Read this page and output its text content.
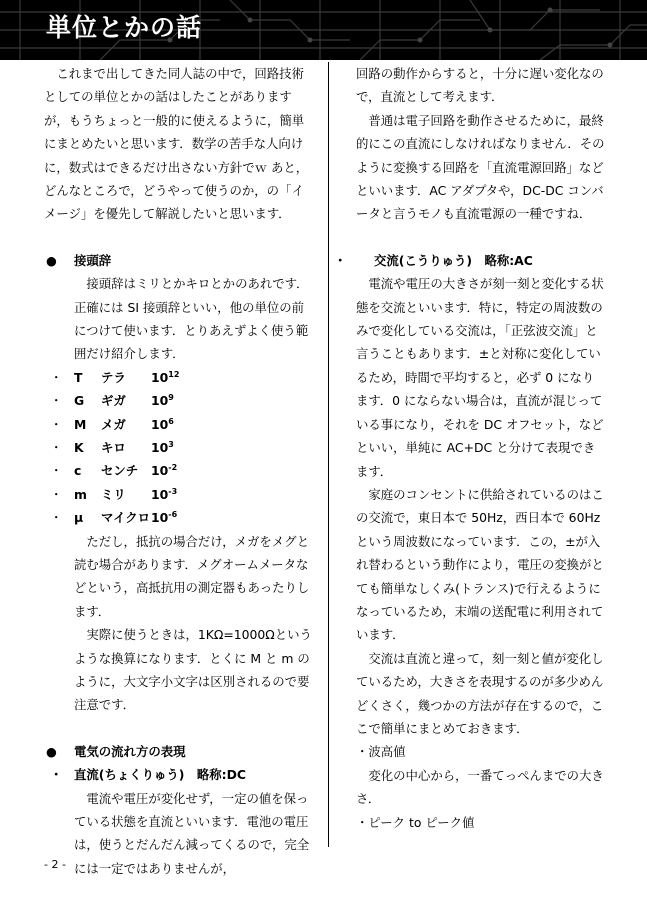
単位とかの話

これまで出してきた同人誌の中で，回路技術としての単位とかの話はしたことがありますが，もうちょっと一般的に使えるように，簡単にまとめたいと思います．数学の苦手な人向けに，数式はできるだけ出さない方針でｗ あと，どんなところで，どうやって使うのか，の「イメージ」を優先して解説したいと思います．

● 接頭辞

接頭辞はミリとかキロとかのあれです．正確には SI 接頭辞といい，他の単位の前につけて使います．とりあえずよく使う範囲だけ紹介します．

・ T テラ $10^{12}$
・ G ギガ $10^9$
・ M メガ $10^6$
・ K キロ $10^3$
・ c センチ $10^{-2}$
・ m ミリ $10^{-3}$
・ μ マイクロ $10^{-6}$

ただし，抵抗の場合だけ，メガをメグと読む場合があります．メグオームメータなどという，高抵抗用の測定器もあったりします．

実際に使うときは，1KΩ=1000Ωというような換算になります．とくに M と m のように，大文字小文字は区別されるので要注意です．

● 電気の流れ方の表現

・ 直流(ちょくりゅう)　略称:DC

電流や電圧が変化せず，一定の値を保っている状態を直流といいます．電池の電圧は，使うとだんだん減ってくるので，完全には一定ではありませんが，

回路の動作からすると，十分に遅い変化なので，直流として考えます．

普通は電子回路を動作させるために，最終的にこの直流にしなければなりません．そのように変換する回路を「直流電源回路」などといいます．AC アダプタや，DC-DC コンバータと言うモノも直流電源の一種ですね．

・ 交流(こうりゅう)　略称:AC

電流や電圧の大きさが刻一刻と変化する状態を交流といいます．特に，特定の周波数のみで変化している交流は，「正弦波交流」と言うこともあります．±と対称に変化しているため，時間で平均すると，必ず 0 になります．0 にならない場合は，直流が混じっている事になり，それを DC オフセット，などといい，単純に AC+DC と分けて表現できます．

家庭のコンセントに供給されているのはこの交流で，東日本で 50Hz，西日本で 60Hz という周波数になっています．この，±が入れ替わるという動作により，電圧の変換がとても簡単なしくみ(トランス)で行えるようになっているため，末端の送配電に利用されています．

交流は直流と違って，刻一刻と値が変化しているため，大きさを表現するのが多少めんどくさく，幾つかの方法が存在するので，ここで簡単にまとめておきます．

・波高値

変化の中心から，一番てっぺんまでの大きさ．

・ピーク to ピーク値

- 2 -
